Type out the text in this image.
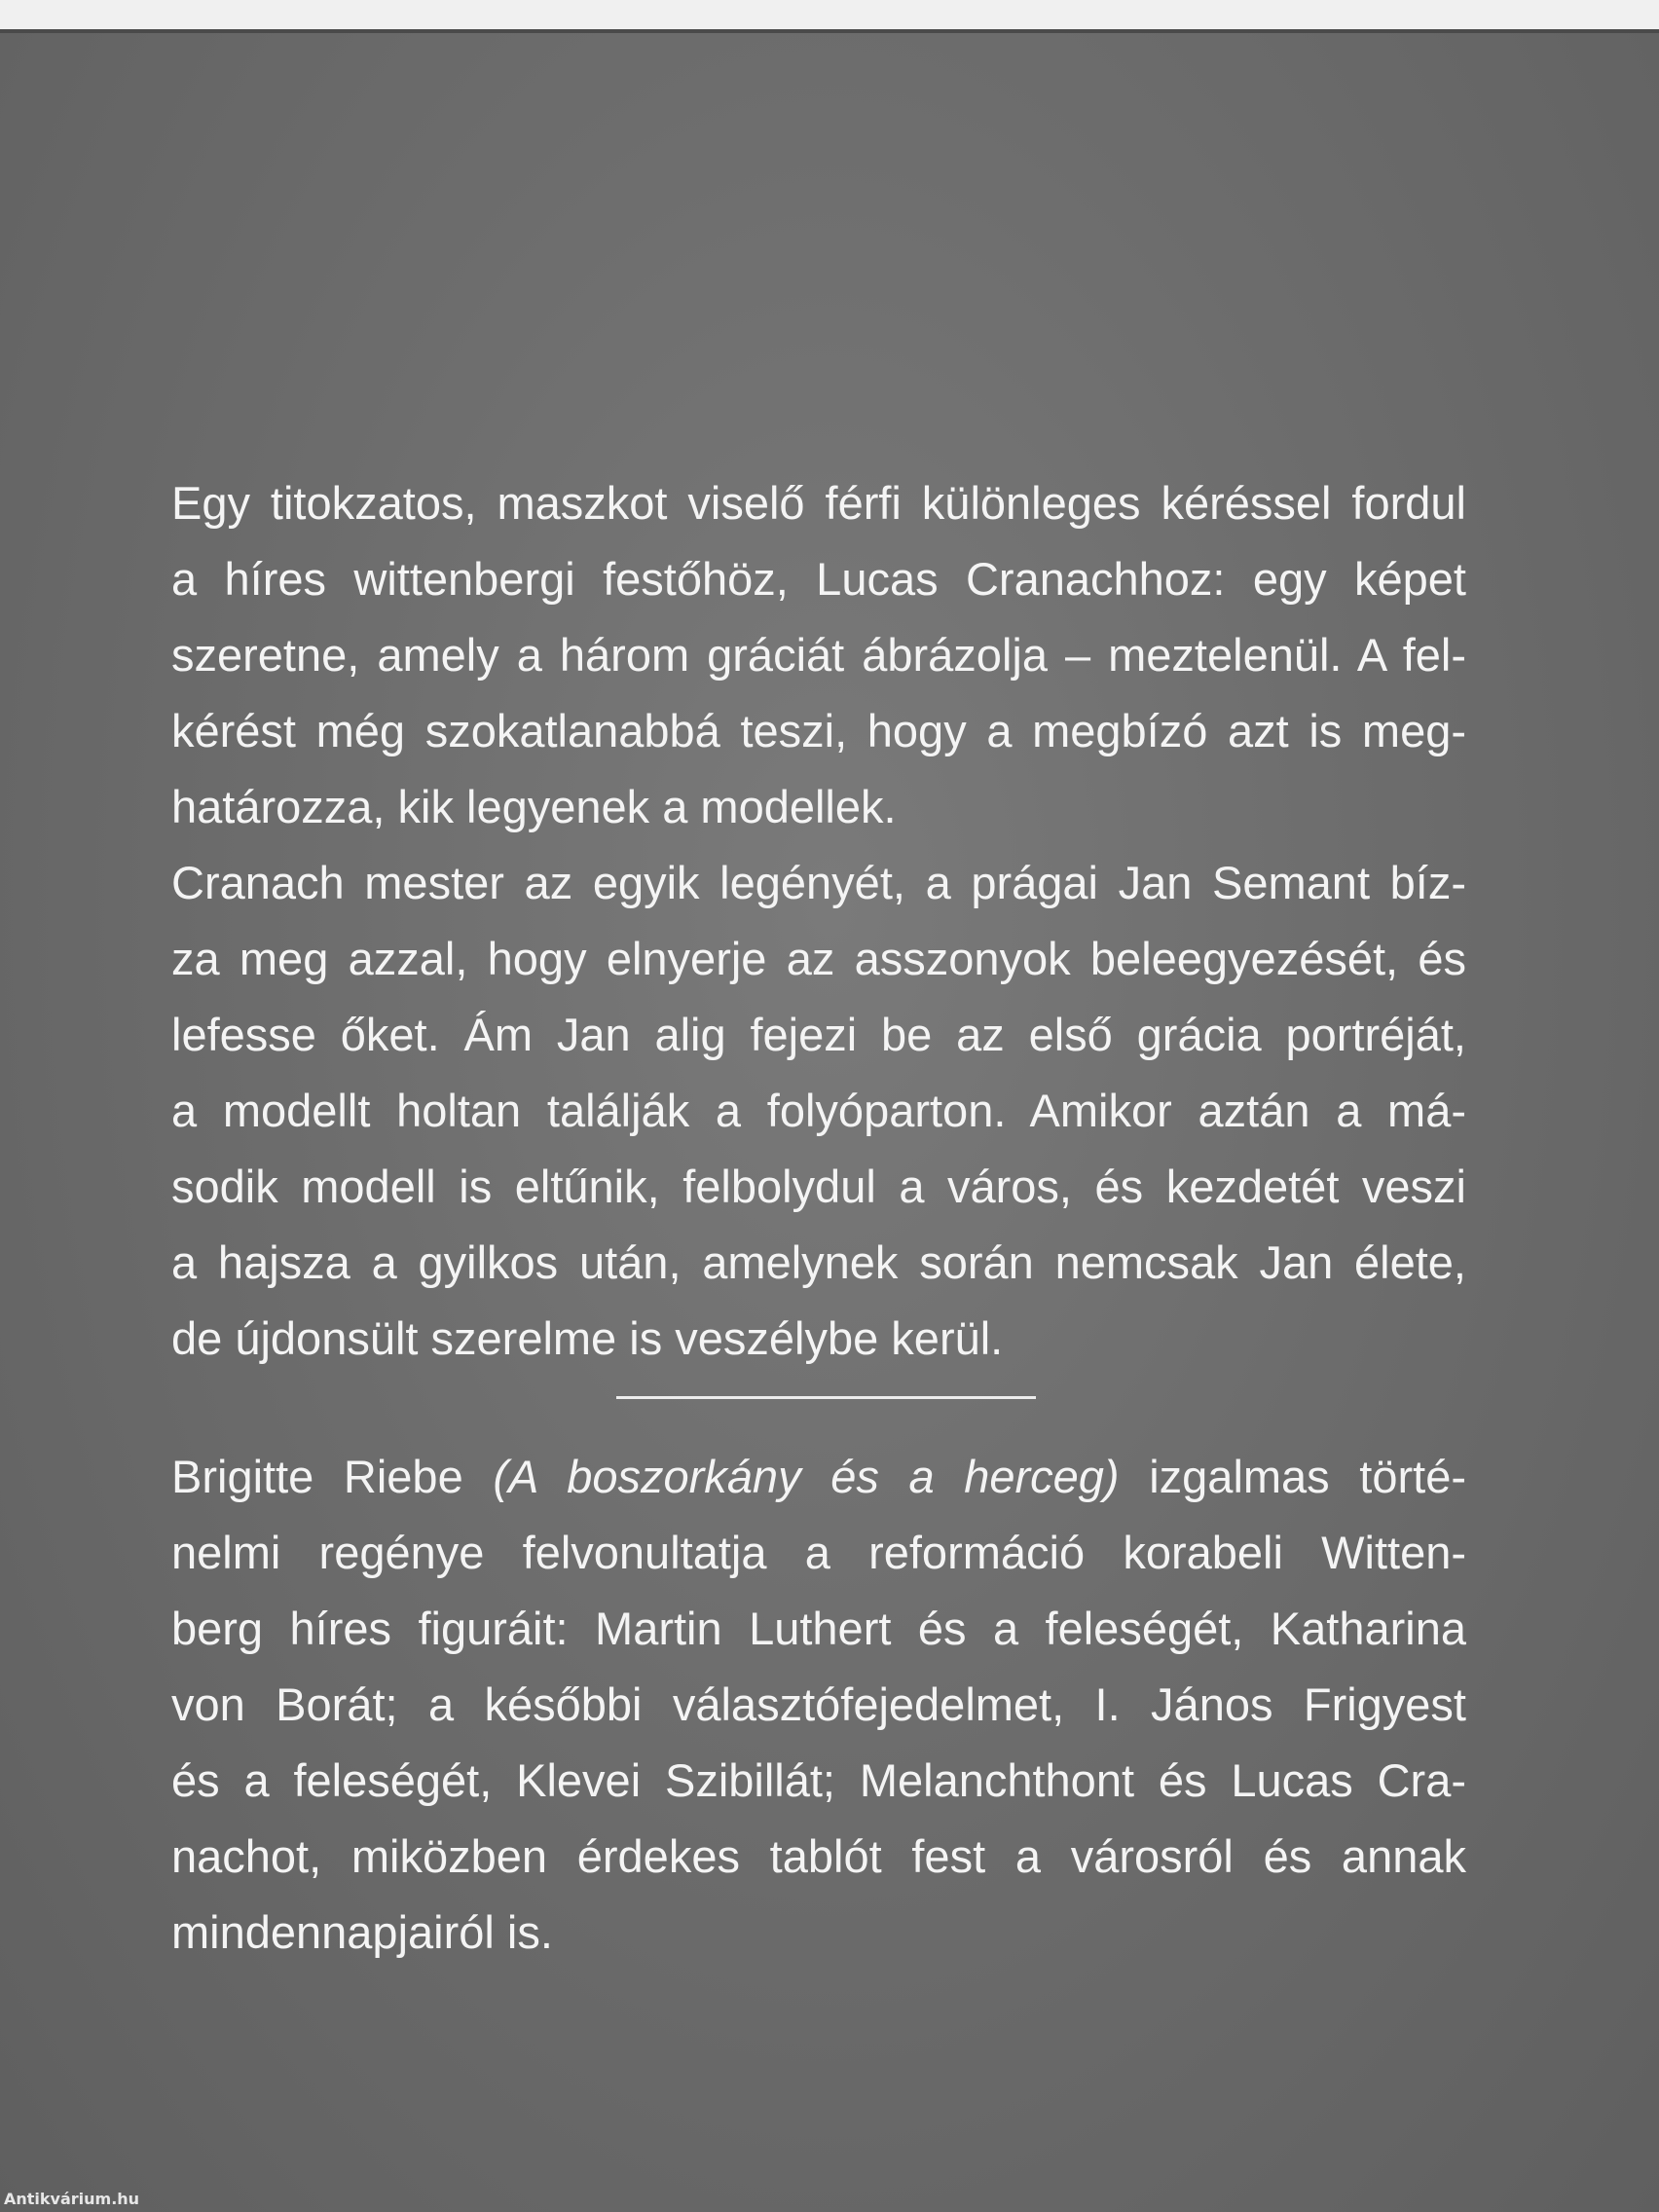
Egy titokzatos, maszkot viselő férfi különleges kéréssel fordul
a híres wittenbergi festőhöz, Lucas Cranachhoz: egy képet
szeretne, amely a három gráciát ábrázolja – meztelenül. A fel-
kérést még szokatlanabbá teszi, hogy a megbízó azt is meg-
határozza, kik legyenek a modellek.
Cranach mester az egyik legényét, a prágai Jan Semant bíz-
za meg azzal, hogy elnyerje az asszonyok beleegyezését, és
lefesse őket. Ám Jan alig fejezi be az első grácia portréját,
a modellt holtan találják a folyóparton. Amikor aztán a má-
sodik modell is eltűnik, felbolydul a város, és kezdetét veszi
a hajsza a gyilkos után, amelynek során nemcsak Jan élete,
de újdonsült szerelme is veszélybe kerül.
Brigitte Riebe (A boszorkány és a herceg) izgalmas törté-
nelmi regénye felvonultatja a reformáció korabeli Witten-
berg híres figuráit: Martin Luthert és a feleségét, Katharina
von Borát; a későbbi választófejedelmet, I. János Frigyest
és a feleségét, Klevei Szibillát; Melanchthont és Lucas Cra-
nachot, miközben érdekes tablót fest a városról és annak
mindennapjairól is.
Antikvárium.hu
